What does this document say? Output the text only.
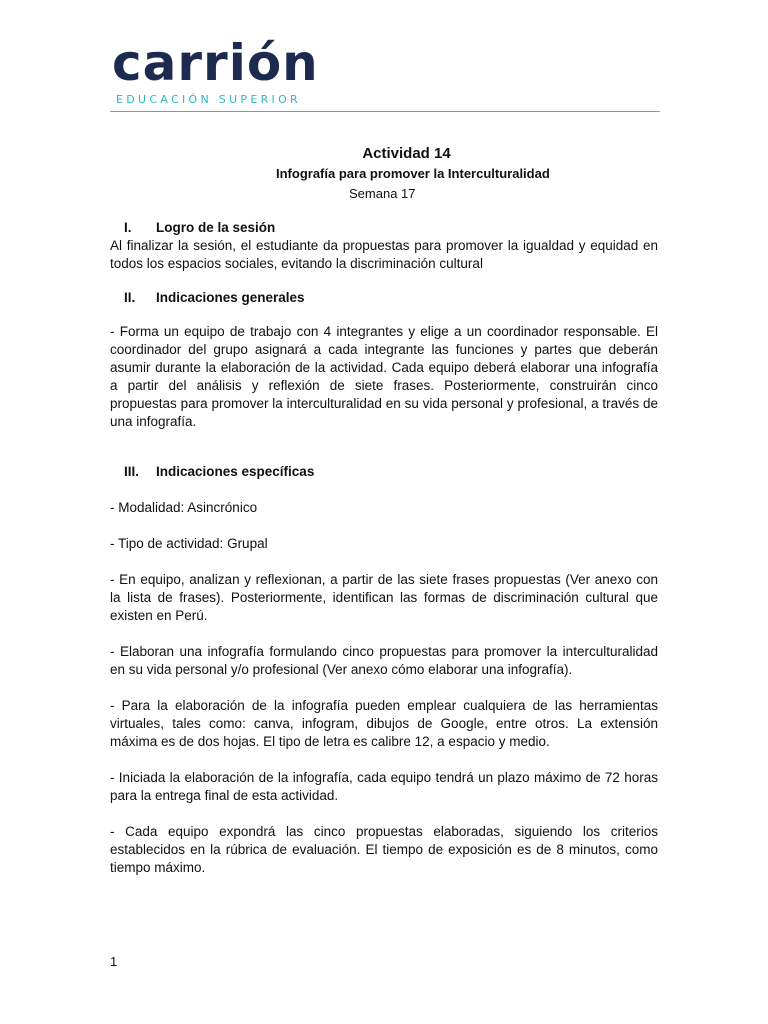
carrión
EDUCACIÓN SUPERIOR
Actividad 14
Infografía para promover la Interculturalidad
Semana 17
I.	Logro de la sesión

Al finalizar la sesión, el estudiante da propuestas para promover la igualdad y equidad en todos los espacios sociales, evitando la discriminación cultural

II.	Indicaciones generales

- Forma un equipo de trabajo con 4 integrantes y elige a un coordinador responsable. El coordinador del grupo asignará a cada integrante las funciones y partes que deberán asumir durante la elaboración de la actividad. Cada equipo deberá elaborar una infografía a partir del análisis y reflexión de siete frases. Posteriormente, construirán cinco propuestas para promover la interculturalidad en su vida personal y profesional, a través de una infografía.

III.	Indicaciones específicas

- Modalidad: Asincrónico

- Tipo de actividad: Grupal

- En equipo, analizan y reflexionan, a partir de las siete frases propuestas (Ver anexo con la lista de frases). Posteriormente, identifican las formas de discriminación cultural que existen en Perú.

- Elaboran una infografía formulando cinco propuestas para promover la interculturalidad en su vida personal y/o profesional (Ver anexo cómo elaborar una infografía).

- Para la elaboración de la infografía pueden emplear cualquiera de las herramientas virtuales, tales como: canva, infogram, dibujos de Google, entre otros. La extensión máxima es de dos hojas. El tipo de letra es calibre 12, a espacio y medio.

- Iniciada la elaboración de la infografía, cada equipo tendrá un plazo máximo de 72 horas para la entrega final de esta actividad.

- Cada equipo expondrá las cinco propuestas elaboradas, siguiendo los criterios establecidos en la rúbrica de evaluación. El tiempo de exposición es de 8 minutos, como tiempo máximo.

1
